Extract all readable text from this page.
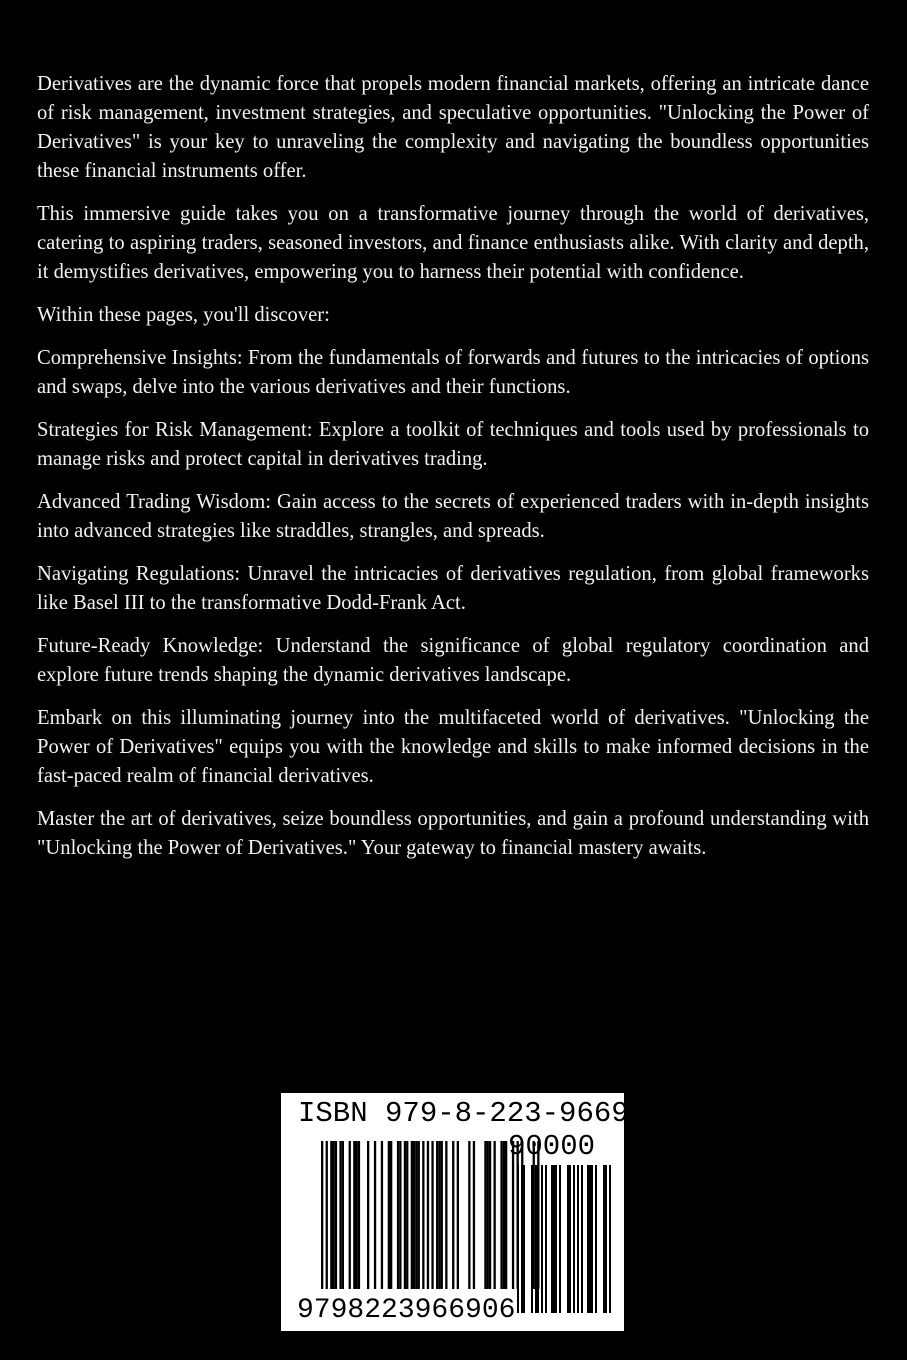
Derivatives are the dynamic force that propels modern financial markets, offering an intricate dance of risk management, investment strategies, and speculative opportunities. "Unlocking the Power of Derivatives" is your key to unraveling the complexity and navigating the boundless opportunities these financial instruments offer.

This immersive guide takes you on a transformative journey through the world of derivatives, catering to aspiring traders, seasoned investors, and finance enthusiasts alike. With clarity and depth, it demystifies derivatives, empowering you to harness their potential with confidence.

Within these pages, you'll discover:

Comprehensive Insights: From the fundamentals of forwards and futures to the intricacies of options and swaps, delve into the various derivatives and their functions.

Strategies for Risk Management: Explore a toolkit of techniques and tools used by professionals to manage risks and protect capital in derivatives trading.

Advanced Trading Wisdom: Gain access to the secrets of experienced traders with in-depth insights into advanced strategies like straddles, strangles, and spreads.

Navigating Regulations: Unravel the intricacies of derivatives regulation, from global frameworks like Basel III to the transformative Dodd-Frank Act.

Future-Ready Knowledge: Understand the significance of global regulatory coordination and explore future trends shaping the dynamic derivatives landscape.

Embark on this illuminating journey into the multifaceted world of derivatives. "Unlocking the Power of Derivatives" equips you with the knowledge and skills to make informed decisions in the fast-paced realm of financial derivatives.

Master the art of derivatives, seize boundless opportunities, and gain a profound understanding with "Unlocking the Power of Derivatives." Your gateway to financial mastery awaits.

ISBN 979-8-223-96690-6
90000
9798223966906
